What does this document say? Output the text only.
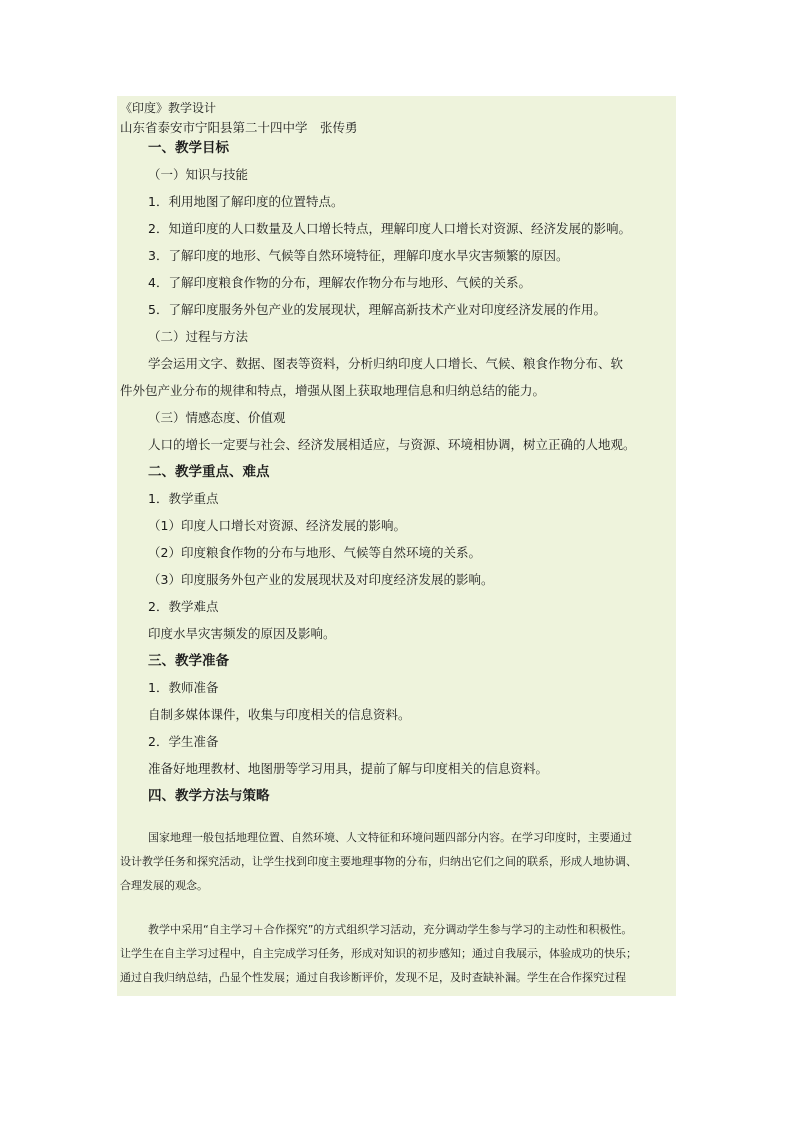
《印度》教学设计
山东省泰安市宁阳县第二十四中学　张传勇
一、教学目标
（一）知识与技能
1．利用地图了解印度的位置特点。
2．知道印度的人口数量及人口增长特点，理解印度人口增长对资源、经济发展的影响。
3．了解印度的地形、气候等自然环境特征，理解印度水旱灾害频繁的原因。
4．了解印度粮食作物的分布，理解农作物分布与地形、气候的关系。
5．了解印度服务外包产业的发展现状，理解高新技术产业对印度经济发展的作用。
（二）过程与方法
学会运用文字、数据、图表等资料，分析归纳印度人口增长、气候、粮食作物分布、软
件外包产业分布的规律和特点，增强从图上获取地理信息和归纳总结的能力。
（三）情感态度、价值观
人口的增长一定要与社会、经济发展相适应，与资源、环境相协调，树立正确的人地观。
二、教学重点、难点
1．教学重点
（1）印度人口增长对资源、经济发展的影响。
（2）印度粮食作物的分布与地形、气候等自然环境的关系。
（3）印度服务外包产业的发展现状及对印度经济发展的影响。
2．教学难点
印度水旱灾害频发的原因及影响。
三、教学准备
1．教师准备
自制多媒体课件，收集与印度相关的信息资料。
2．学生准备
准备好地理教材、地图册等学习用具，提前了解与印度相关的信息资料。
四、教学方法与策略
国家地理一般包括地理位置、自然环境、人文特征和环境问题四部分内容。在学习印度时，主要通过
设计教学任务和探究活动，让学生找到印度主要地理事物的分布，归纳出它们之间的联系，形成人地协调、
合理发展的观念。
教学中采用“自主学习＋合作探究”的方式组织学习活动，充分调动学生参与学习的主动性和积极性。
让学生在自主学习过程中，自主完成学习任务，形成对知识的初步感知；通过自我展示，体验成功的快乐；
通过自我归纳总结，凸显个性发展；通过自我诊断评价，发现不足，及时查缺补漏。学生在合作探究过程
